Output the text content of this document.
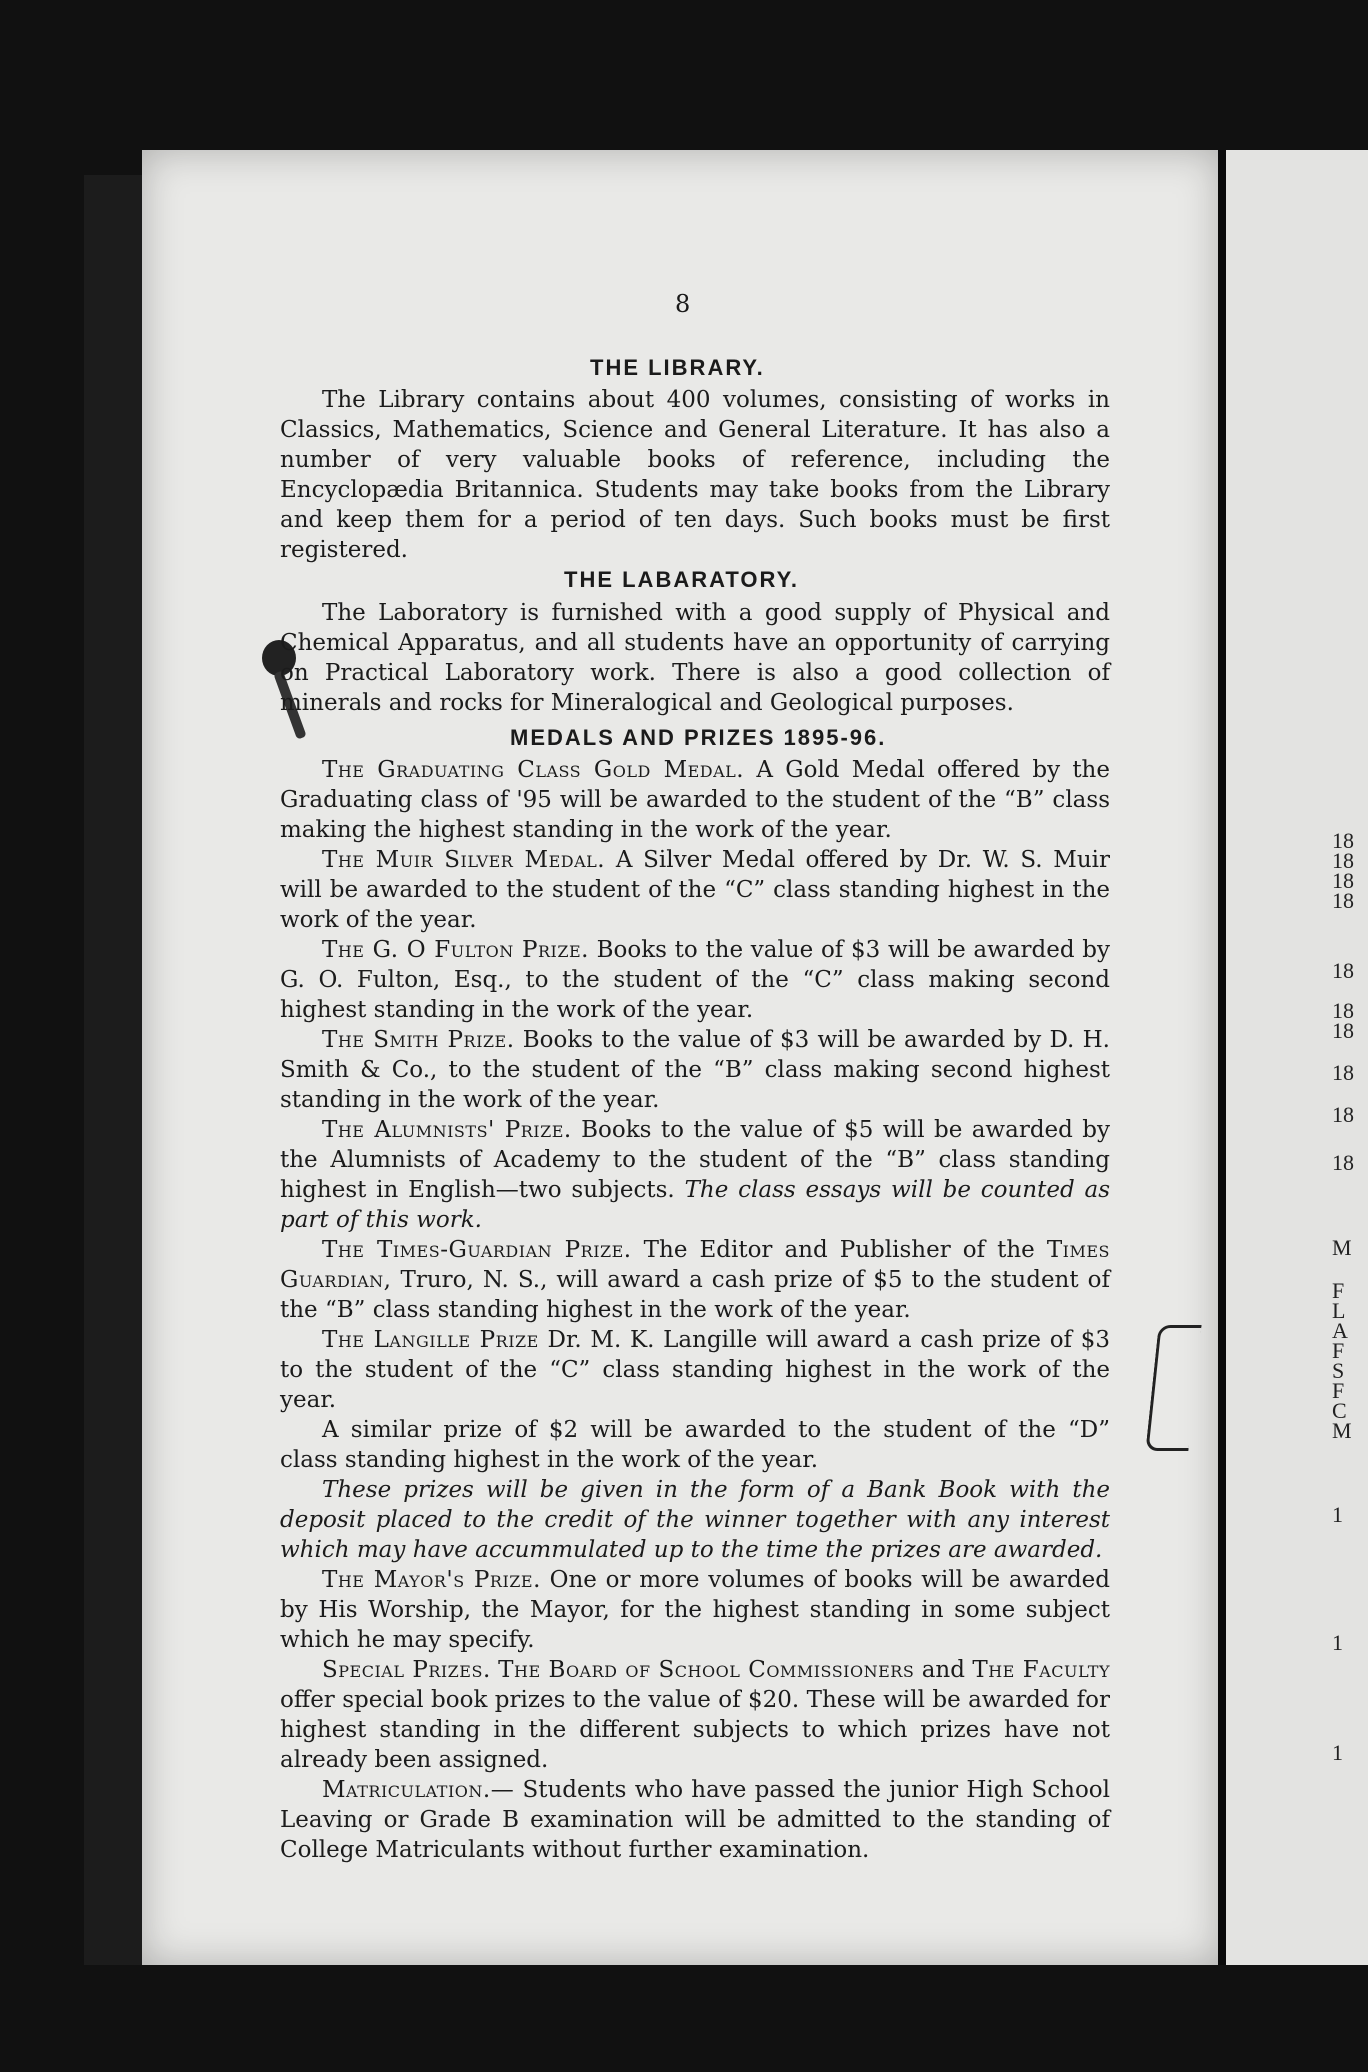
8
THE LIBRARY.
The Library contains about 400 volumes, consisting of works in Classics, Mathematics, Science and General Literature. It has also a number of very valuable books of reference, including the Encyclopædia Britannica. Students may take books from the Library and keep them for a period of ten days. Such books must be first registered.
THE LABARATORY.
The Laboratory is furnished with a good supply of Physical and Chemical Apparatus, and all students have an opportunity of carrying on Practical Laboratory work. There is also a good collection of minerals and rocks for Mineralogical and Geological purposes.
MEDALS AND PRIZES 1895-96.
The Graduating Class Gold Medal. A Gold Medal offered by the Graduating class of '95 will be awarded to the student of the “B” class making the highest standing in the work of the year.
The Muir Silver Medal. A Silver Medal offered by Dr. W. S. Muir will be awarded to the student of the “C” class standing highest in the work of the year.
The G. O Fulton Prize. Books to the value of $3 will be awarded by G. O. Fulton, Esq., to the student of the “C” class making second highest standing in the work of the year.
The Smith Prize. Books to the value of $3 will be awarded by D. H. Smith & Co., to the student of the “B” class making second highest standing in the work of the year.
The Alumnists' Prize. Books to the value of $5 will be awarded by the Alumnists of Academy to the student of the “B” class standing highest in English—two subjects. The class essays will be counted as part of this work.
The Times-Guardian Prize. The Editor and Publisher of the Times Guardian, Truro, N. S., will award a cash prize of $5 to the student of the “B” class standing highest in the work of the year.
The Langille Prize Dr. M. K. Langille will award a cash prize of $3 to the student of the “C” class standing highest in the work of the year.
A similar prize of $2 will be awarded to the student of the “D” class standing highest in the work of the year.
These prizes will be given in the form of a Bank Book with the deposit placed to the credit of the winner together with any interest which may have accummulated up to the time the prizes are awarded.
The Mayor's Prize. One or more volumes of books will be awarded by His Worship, the Mayor, for the highest standing in some subject which he may specify.
Special Prizes. The Board of School Commissioners and The Faculty offer special book prizes to the value of $20. These will be awarded for highest standing in the different subjects to which prizes have not already been assigned.
Matriculation.— Students who have passed the junior High School Leaving or Grade B examination will be admitted to the standing of College Matriculants without further examination.
18
18
18
18
18
18
18
18
18
18
M
F
L
A
F
S
F
C
M
1
1
1
